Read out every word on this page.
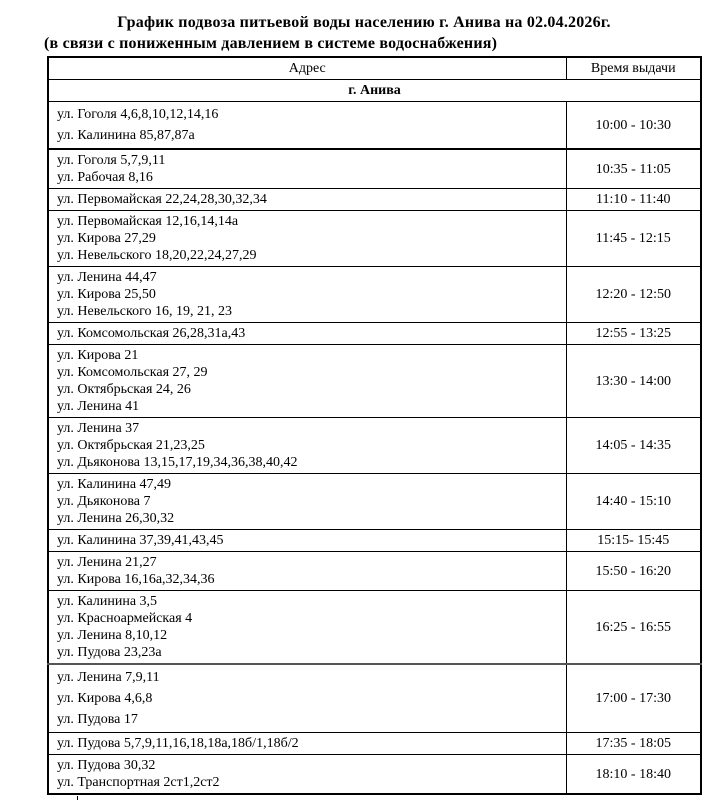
График подвоза питьевой воды населению г. Анива на 02.04.2026г.
(в связи с пониженным давлением в системе водоснабжения)
Адрес	Время выдачи
г. Анива	

ул. Гоголя 4,6,8,10,12,14,16
ул. Калинина 85,87,87а	10:00 - 10:30

ул. Гоголя 5,7,9,11
ул. Рабочая 8,16	10:35 - 11:05

ул. Первомайская 22,24,28,30,32,34	11:10 - 11:40

ул. Первомайская 12,16,14,14а
ул. Кирова 27,29
ул. Невельского 18,20,22,24,27,29	11:45 - 12:15

ул. Ленина 44,47
ул. Кирова 25,50
ул. Невельского 16, 19, 21, 23	12:20 - 12:50

ул. Комсомольская 26,28,31а,43	12:55 - 13:25

ул. Кирова 21
ул. Комсомольская 27, 29
ул. Октябрьская 24, 26
ул. Ленина 41	13:30 - 14:00

ул. Ленина 37
ул. Октябрьская 21,23,25
ул. Дьяконова 13,15,17,19,34,36,38,40,42	14:05 - 14:35

ул. Калинина 47,49
ул. Дьяконова 7
ул. Ленина 26,30,32	14:40 - 15:10

ул. Калинина 37,39,41,43,45	15:15- 15:45

ул. Ленина 21,27
ул. Кирова 16,16а,32,34,36	15:50 - 16:20

ул. Калинина 3,5
ул. Красноармейская 4
ул. Ленина 8,10,12
ул. Пудова 23,23а	16:25 - 16:55

ул. Ленина 7,9,11
ул. Кирова 4,6,8
ул. Пудова 17	17:00 - 17:30

ул. Пудова 5,7,9,11,16,18,18а,18б/1,18б/2	17:35 - 18:05

ул. Пудова 30,32
ул. Транспортная 2ст1,2ст2	18:10 - 18:40
